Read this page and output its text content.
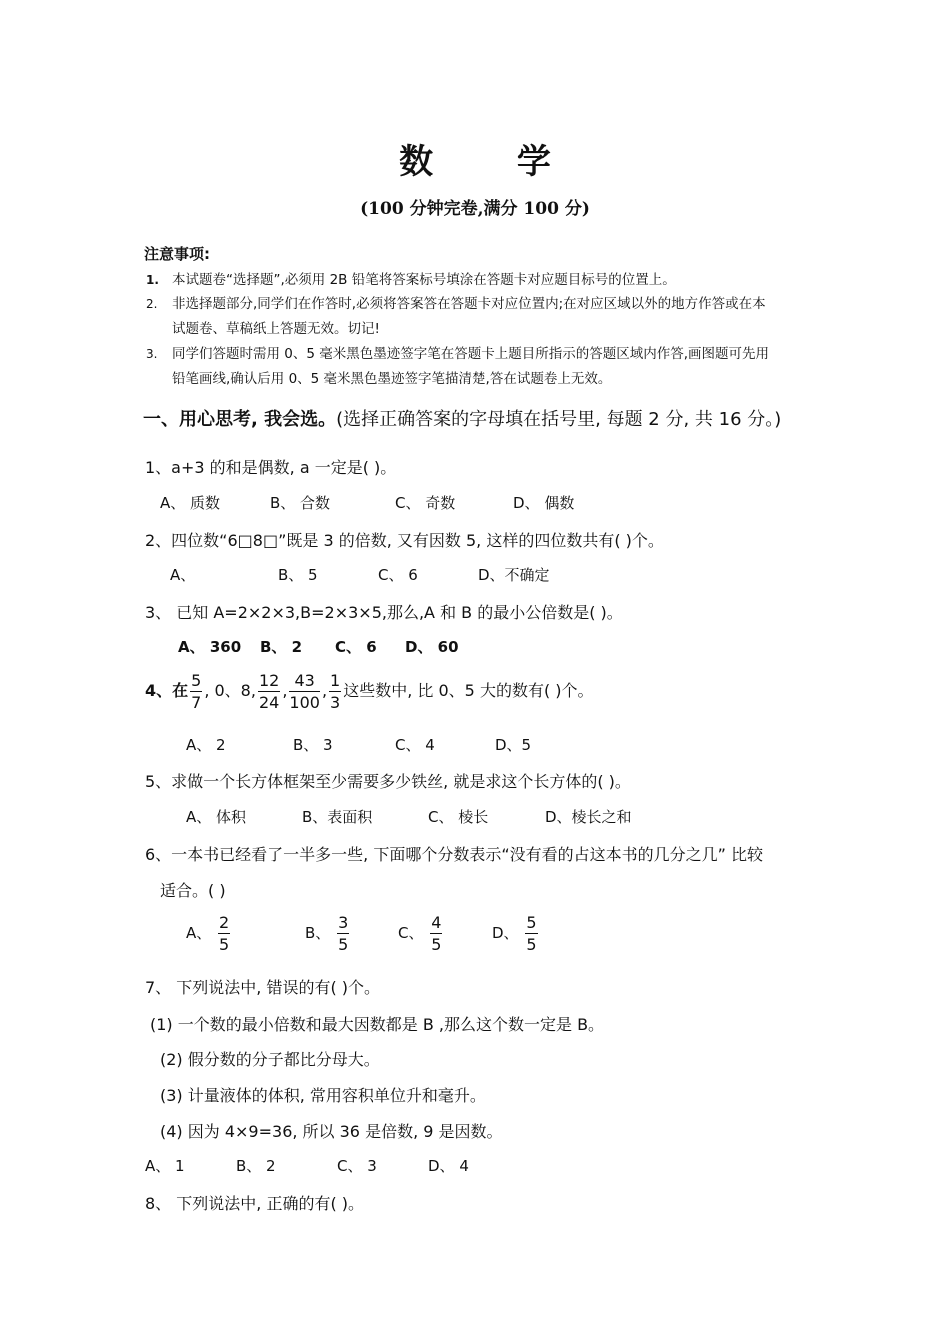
数 学
(100 分钟完卷,满分 100 分)
注意事项:
1. 本试题卷“选择题”,必须用 2B 铅笔将答案标号填涂在答题卡对应题目标号的位置上。
2. 非选择题部分,同学们在作答时,必须将答案答在答题卡对应位置内;在对应区域以外的地方作答或在本
试题卷、草稿纸上答题无效。切记!
3. 同学们答题时需用 0、5 毫米黑色墨迹签字笔在答题卡上题目所指示的答题区域内作答,画图题可先用
铅笔画线,确认后用 0、5 毫米黑色墨迹签字笔描清楚,答在试题卷上无效。
一、用心思考, 我会选。(选择正确答案的字母填在括号里, 每题 2 分, 共 16 分。)
1、a+3 的和是偶数, a 一定是( )。
A、 质数	B、 合数	C、 奇数	D、 偶数
2、四位数“6□8□”既是 3 的倍数, 又有因数 5, 这样的四位数共有( )个。
A、	B、 5	C、 6	D、不确定
3、 已知 A=2×2×3,B=2×3×5,那么,A 和 B 的最小公倍数是( )。
A、 360 B、 2 C、 6 D、 60
4、在 $\frac{5}{7}$ , 0、8, $\frac{12}{24}$ , $\frac{43}{100}$ , $\frac{1}{3}$ 这些数中, 比 0、5 大的数有( )个。
A、 2	B、 3	C、 4	D、5
5、求做一个长方体框架至少需要多少铁丝, 就是求这个长方体的( )。
A、 体积	B、表面积	C、 棱长	D、棱长之和
6、一本书已经看了一半多一些, 下面哪个分数表示“没有看的占这本书的几分之几” 比较
适合。( )
A、 $\frac{2}{5}$	B、 $\frac{3}{5}$	C、 $\frac{4}{5}$	D、 $\frac{5}{5}$
7、 下列说法中, 错误的有( )个。
(1) 一个数的最小倍数和最大因数都是 B ,那么这个数一定是 B。
(2) 假分数的分子都比分母大。
(3) 计量液体的体积, 常用容积单位升和毫升。
(4) 因为 4×9=36, 所以 36 是倍数, 9 是因数。
A、 1	B、 2	C、 3	D、 4
8、 下列说法中, 正确的有( )。
